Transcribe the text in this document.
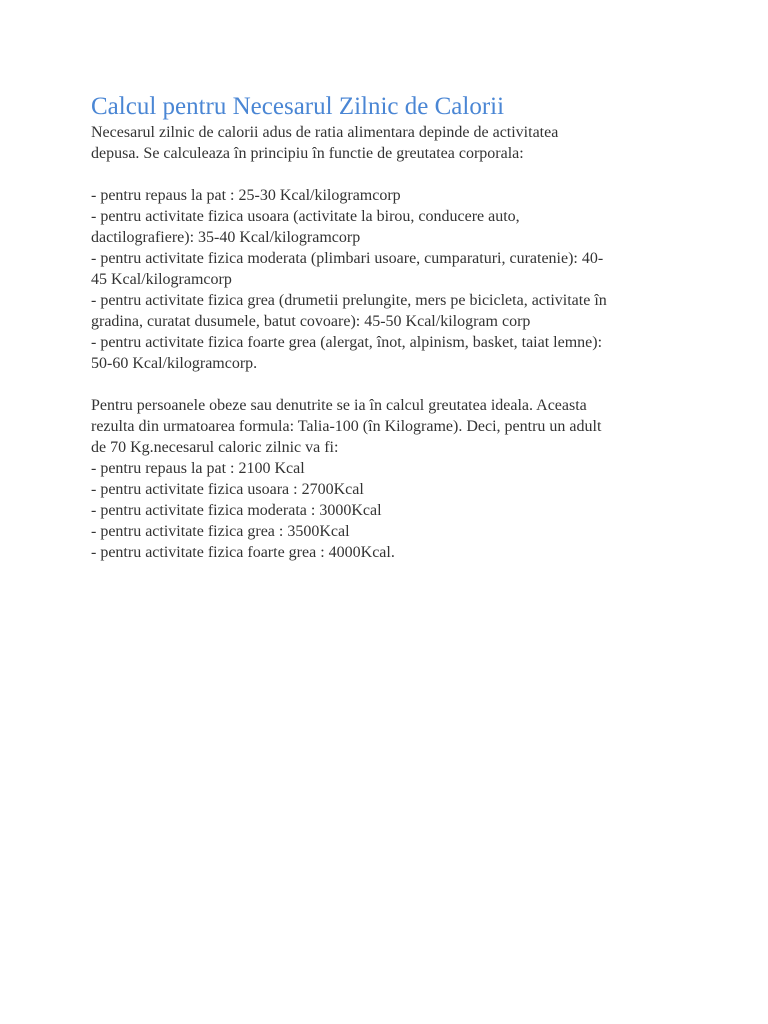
Calcul pentru Necesarul Zilnic de Calorii
Necesarul zilnic de calorii adus de ratia alimentara depinde de activitatea
depusa. Se calculeaza în principiu în functie de greutatea corporala:
- pentru repaus la pat : 25-30 Kcal/kilogramcorp
- pentru activitate fizica usoara (activitate la birou, conducere auto,
dactilografiere): 35-40 Kcal/kilogramcorp
- pentru activitate fizica moderata (plimbari usoare, cumparaturi, curatenie): 40-
45 Kcal/kilogramcorp
- pentru activitate fizica grea (drumetii prelungite, mers pe bicicleta, activitate în
gradina, curatat dusumele, batut covoare): 45-50 Kcal/kilogram corp
- pentru activitate fizica foarte grea (alergat, înot, alpinism, basket, taiat lemne):
50-60 Kcal/kilogramcorp.
Pentru persoanele obeze sau denutrite se ia în calcul greutatea ideala. Aceasta
rezulta din urmatoarea formula: Talia-100 (în Kilograme). Deci, pentru un adult
de 70 Kg.necesarul caloric zilnic va fi:
- pentru repaus la pat : 2100 Kcal
- pentru activitate fizica usoara : 2700Kcal
- pentru activitate fizica moderata : 3000Kcal
- pentru activitate fizica grea : 3500Kcal
- pentru activitate fizica foarte grea : 4000Kcal.
